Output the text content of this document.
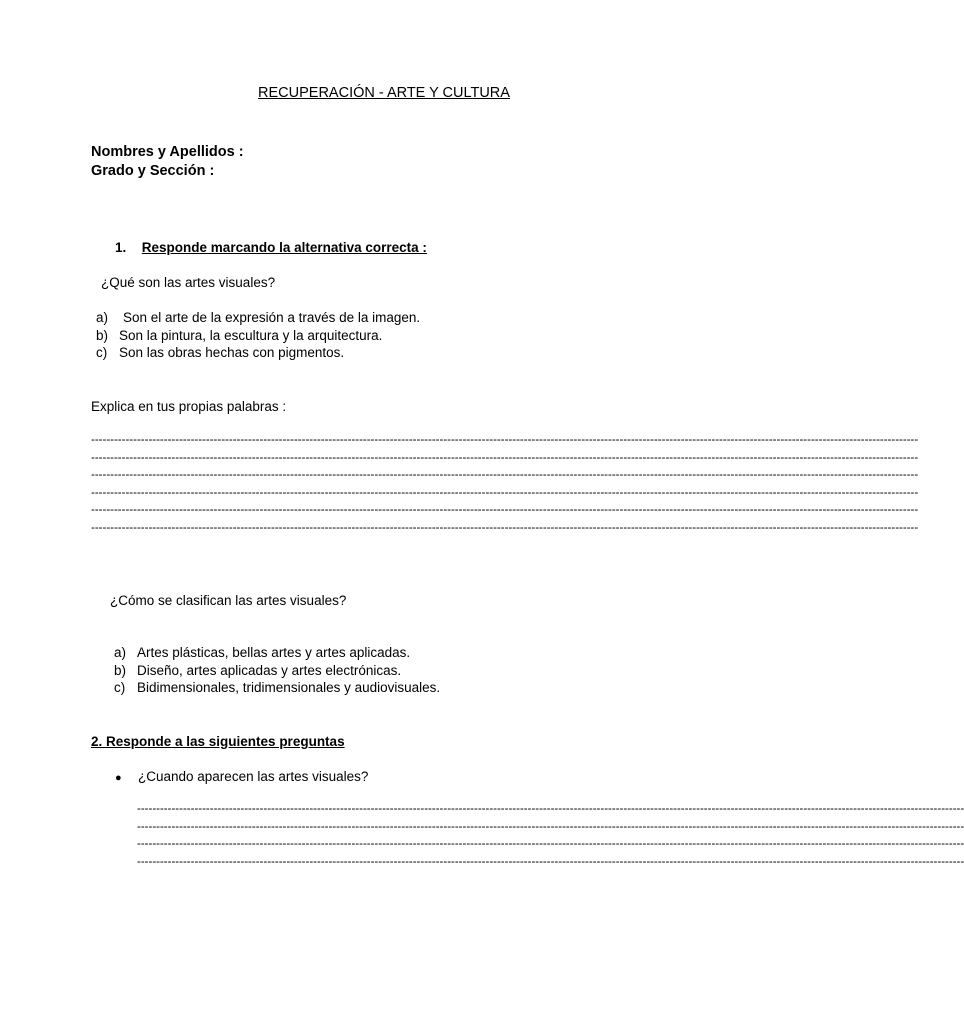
RECUPERACIÓN - ARTE Y CULTURA
Nombres y Apellidos :
Grado y Sección :
1. Responde marcando la alternativa correcta :
¿Qué son las artes visuales?
a) Son el arte de la expresión a través de la imagen.
b) Son la pintura, la escultura y la arquitectura.
c) Son las obras hechas con pigmentos.
Explica en tus propias palabras :
------------------------------------------------------------------------------------------------------------------------------------------------------------------------------------------------------------------------
------------------------------------------------------------------------------------------------------------------------------------------------------------------------------------------------------------------------
------------------------------------------------------------------------------------------------------------------------------------------------------------------------------------------------------------------------
------------------------------------------------------------------------------------------------------------------------------------------------------------------------------------------------------------------------
------------------------------------------------------------------------------------------------------------------------------------------------------------------------------------------------------------------------
------------------------------------------------------------------------------------------------------------------------------------------------------------------------------------------------------------------------
¿Cómo se clasifican las artes visuales?
a) Artes plásticas, bellas artes y artes aplicadas.
b) Diseño, artes aplicadas y artes electrónicas.
c) Bidimensionales, tridimensionales y audiovisuales.
2. Responde a las siguientes preguntas
● ¿Cuando aparecen las artes visuales?
------------------------------------------------------------------------------------------------------------------------------------------------------------------------------------------------------------------------
------------------------------------------------------------------------------------------------------------------------------------------------------------------------------------------------------------------------
------------------------------------------------------------------------------------------------------------------------------------------------------------------------------------------------------------------------
------------------------------------------------------------------------------------------------------------------------------------------------------------------------------------------------------------------------
